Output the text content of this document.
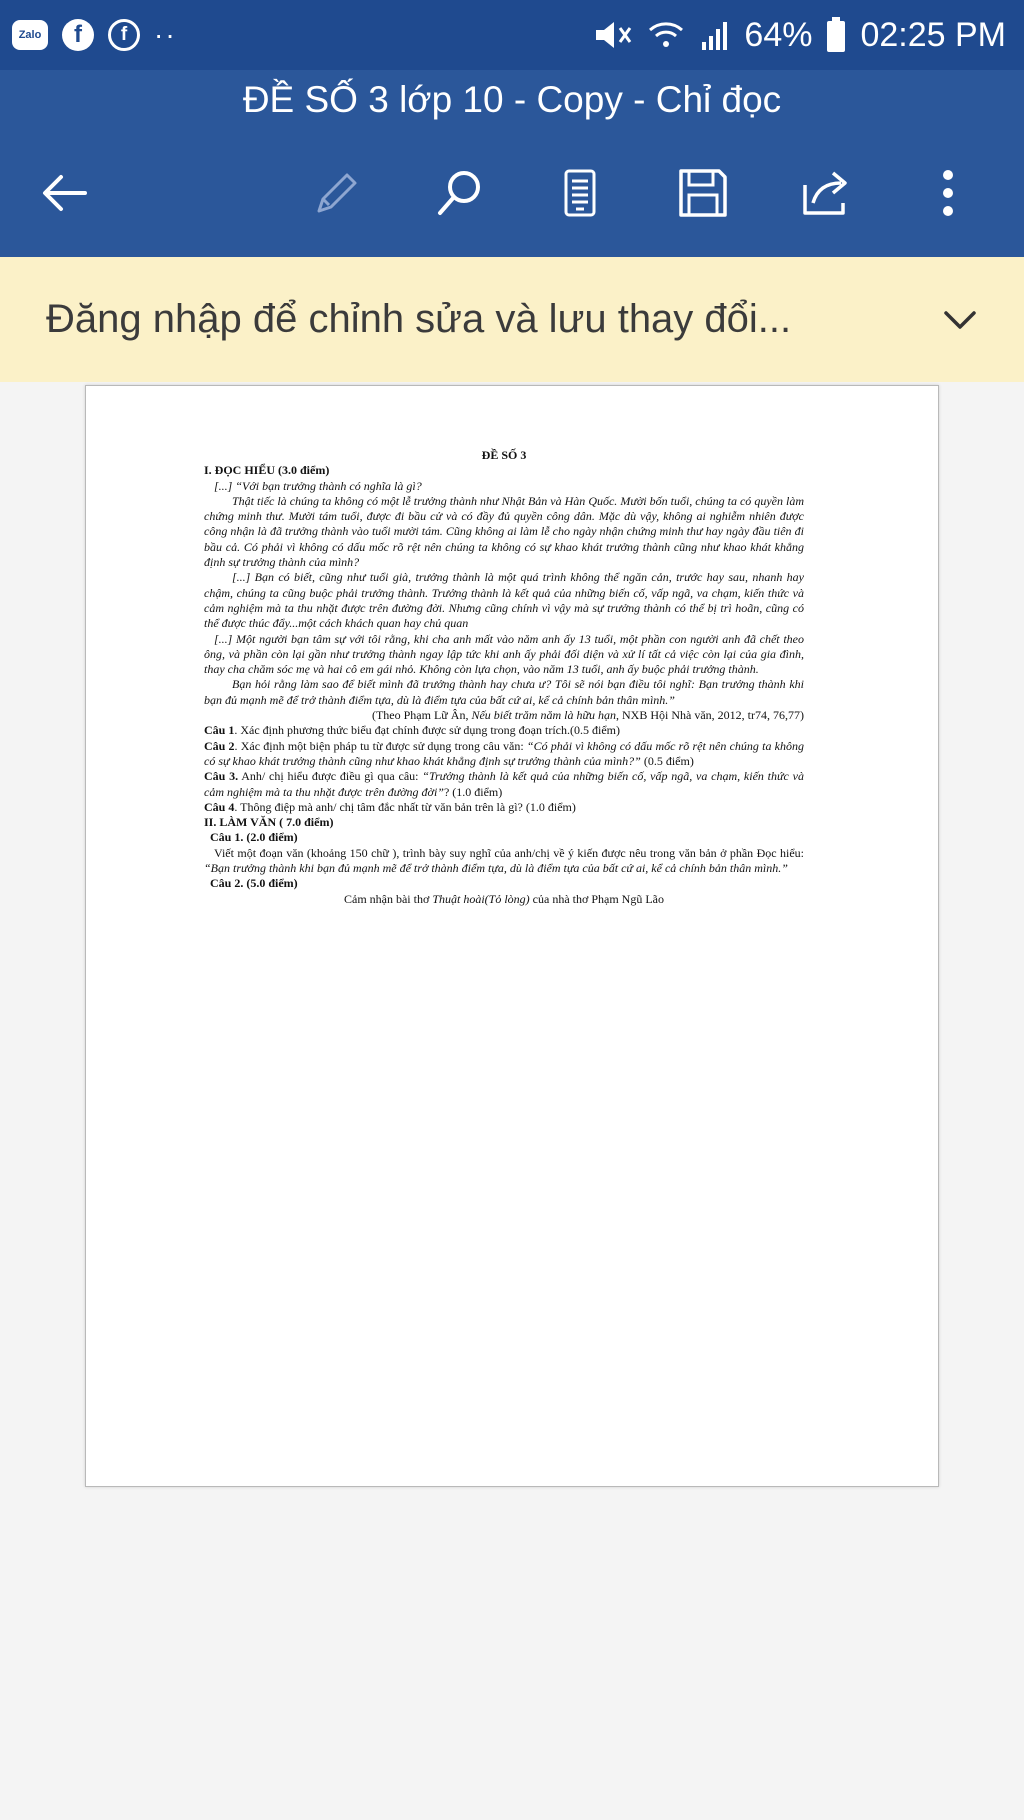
Zalo	f	f ··	64% 02:25 PM
ĐỀ SỐ 3 lớp 10 - Copy - Chỉ đọc
Đăng nhập để chỉnh sửa và lưu thay đổi...

ĐỀ SỐ 3

I. ĐỌC HIỂU (3.0 điểm)

[...] “Với bạn trưởng thành có nghĩa là gì?

Thật tiếc là chúng ta không có một lễ trưởng thành như Nhật Bản và Hàn Quốc. Mười bốn tuổi, chúng ta có quyền làm chứng minh thư. Mười tám tuổi, được đi bầu cử và có đầy đủ quyền công dân. Mặc dù vậy, không ai nghiễm nhiên được công nhận là đã trưởng thành vào tuổi mười tám. Cũng không ai làm lễ cho ngày nhận chứng minh thư hay ngày đầu tiên đi bầu cả. Có phải vì không có dấu mốc rõ rệt nên chúng ta không có sự khao khát trưởng thành cũng như khao khát khẳng định sự trưởng thành của mình?

[...] Bạn có biết, cũng như tuổi già, trưởng thành là một quá trình không thể ngăn cản, trước hay sau, nhanh hay chậm, chúng ta cũng buộc phải trưởng thành. Trưởng thành là kết quả của những biến cố, vấp ngã, va chạm, kiến thức và cảm nghiệm mà ta thu nhặt được trên đường đời. Nhưng cũng chính vì vậy mà sự trưởng thành có thể bị trì hoãn, cũng có thể được thúc đẩy...một cách khách quan hay chủ quan

[...] Một người bạn tâm sự với tôi rằng, khi cha anh mất vào năm anh ấy 13 tuổi, một phần con người anh đã chết theo ông, và phần còn lại gần như trưởng thành ngay lập tức khi anh ấy phải đối diện và xử lí tất cả việc còn lại của gia đình, thay cha chăm sóc mẹ và hai cô em gái nhỏ. Không còn lựa chọn, vào năm 13 tuổi, anh ấy buộc phải trưởng thành.

Bạn hỏi rằng làm sao để biết mình đã trưởng thành hay chưa ư? Tôi sẽ nói bạn điều tôi nghĩ: Bạn trưởng thành khi bạn đủ mạnh mẽ để trở thành điểm tựa, dù là điểm tựa của bất cứ ai, kể cả chính bản thân mình.”

(Theo Phạm Lữ Ân, Nếu biết trăm năm là hữu hạn, NXB Hội Nhà văn, 2012, tr74, 76,77)

Câu 1. Xác định phương thức biểu đạt chính được sử dụng trong đoạn trích.(0.5 điểm)

Câu 2. Xác định một biện pháp tu từ được sử dụng trong câu văn: “Có phải vì không có dấu mốc rõ rệt nên chúng ta không có sự khao khát trưởng thành cũng như khao khát khẳng định sự trưởng thành của mình?” (0.5 điểm)

Câu 3. Anh/ chị hiểu được điều gì qua câu: “Trưởng thành là kết quả của những biến cố, vấp ngã, va chạm, kiến thức và cảm nghiệm mà ta thu nhặt được trên đường đời”? (1.0 điểm)

Câu 4. Thông điệp mà anh/ chị tâm đắc nhất từ văn bản trên là gì? (1.0 điểm)

II. LÀM VĂN ( 7.0 điểm)

Câu 1. (2.0 điểm)

Viết một đoạn văn (khoảng 150 chữ ), trình bày suy nghĩ của anh/chị về ý kiến được nêu trong văn bản ở phần Đọc hiểu: “Bạn trưởng thành khi bạn đủ mạnh mẽ để trở thành điểm tựa, dù là điểm tựa của bất cứ ai, kể cả chính bản thân mình.”

Câu 2. (5.0 điểm)

Cảm nhận bài thơ Thuật hoài(Tỏ lòng) của nhà thơ Phạm Ngũ Lão
